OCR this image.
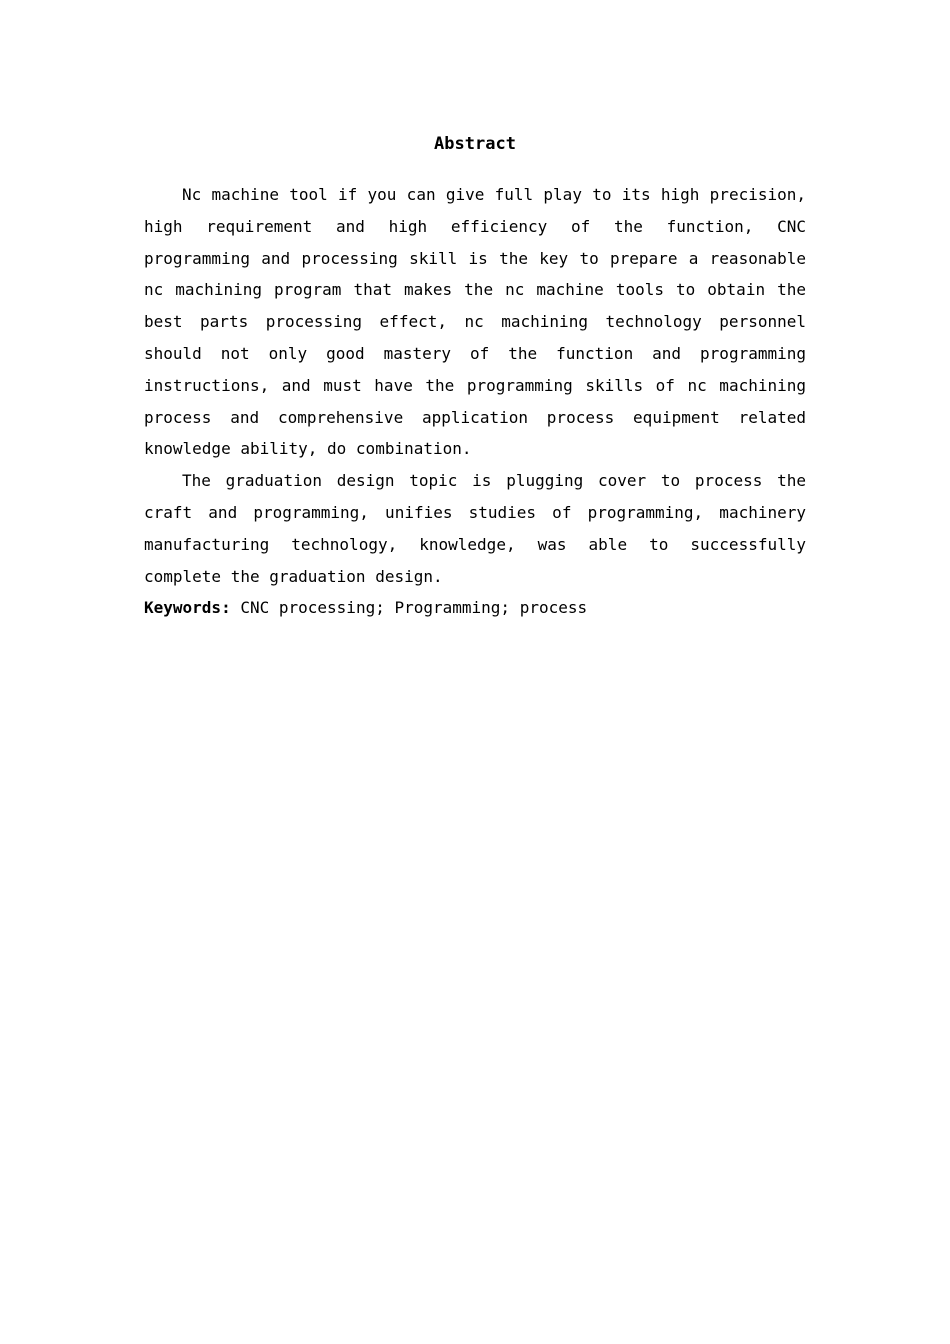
Abstract

Nc machine tool if you can give full play to its high precision, high requirement and high efficiency of the function, CNC programming and processing skill is the key to prepare a reasonable nc machining program that makes the nc machine tools to obtain the best parts processing effect, nc machining technology personnel should not only good mastery of the function and programming instructions, and must have the programming skills of nc machining process and comprehensive application process equipment related knowledge ability, do combination.

The graduation design topic is plugging cover to process the craft and programming, unifies studies of programming, machinery manufacturing technology, knowledge, was able to successfully complete the graduation design.

Keywords: CNC processing; Programming; process
